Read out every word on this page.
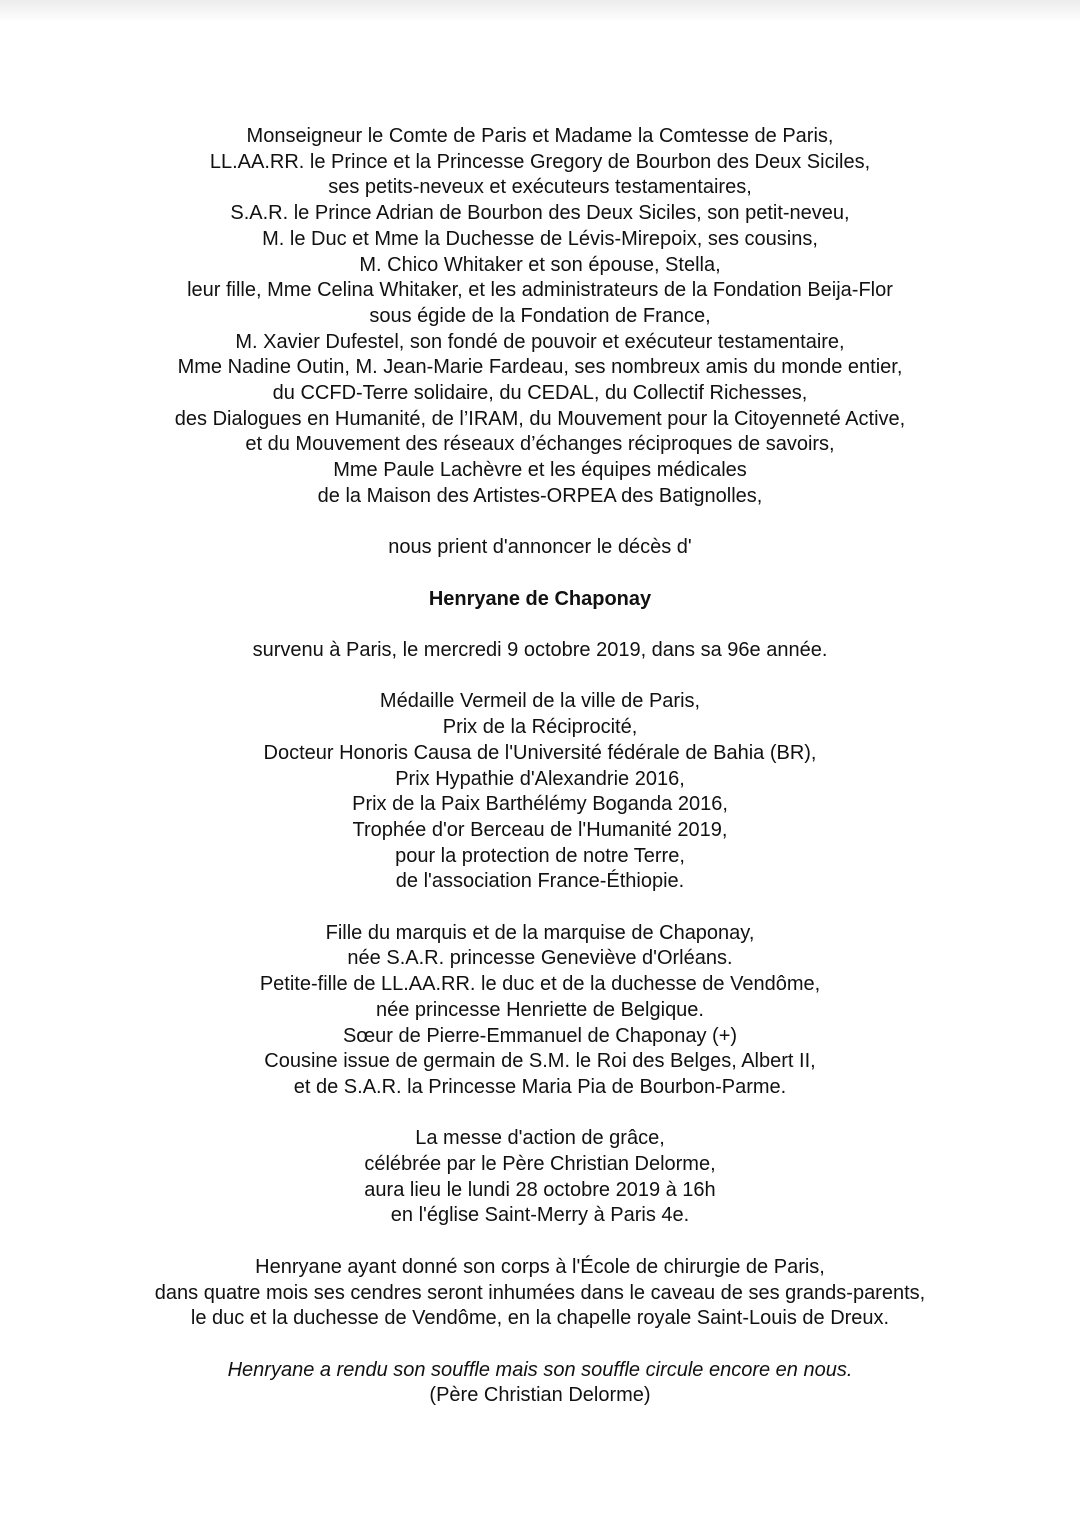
Monseigneur le Comte de Paris et Madame la Comtesse de Paris,
LL.AA.RR. le Prince et la Princesse Gregory de Bourbon des Deux Siciles,
ses petits-neveux et exécuteurs testamentaires,
S.A.R. le Prince Adrian de Bourbon des Deux Siciles, son petit-neveu,
M. le Duc et Mme la Duchesse de Lévis-Mirepoix, ses cousins,
M. Chico Whitaker et son épouse, Stella,
leur fille, Mme Celina Whitaker, et les administrateurs de la Fondation Beija-Flor
sous égide de la Fondation de France,
M. Xavier Dufestel, son fondé de pouvoir et exécuteur testamentaire,
Mme Nadine Outin, M. Jean-Marie Fardeau, ses nombreux amis du monde entier,
du CCFD-Terre solidaire, du CEDAL, du Collectif Richesses,
des Dialogues en Humanité, de l’IRAM, du Mouvement pour la Citoyenneté Active,
et du Mouvement des réseaux d’échanges réciproques de savoirs,
Mme Paule Lachèvre et les équipes médicales
de la Maison des Artistes-ORPEA des Batignolles,
nous prient d'annoncer le décès d'
Henryane de Chaponay
survenu à Paris, le mercredi 9 octobre 2019, dans sa 96e année.
Médaille Vermeil de la ville de Paris,
Prix de la Réciprocité,
Docteur Honoris Causa de l'Université fédérale de Bahia (BR),
Prix Hypathie d'Alexandrie 2016,
Prix de la Paix Barthélémy Boganda 2016,
Trophée d'or Berceau de l'Humanité 2019,
pour la protection de notre Terre,
de l'association France-Éthiopie.
Fille du marquis et de la marquise de Chaponay,
née S.A.R. princesse Geneviève d'Orléans.
Petite-fille de LL.AA.RR. le duc et de la duchesse de Vendôme,
née princesse Henriette de Belgique.
Sœur de Pierre-Emmanuel de Chaponay (+)
Cousine issue de germain de S.M. le Roi des Belges, Albert II,
et de S.A.R. la Princesse Maria Pia de Bourbon-Parme.
La messe d'action de grâce,
célébrée par le Père Christian Delorme,
aura lieu le lundi 28 octobre 2019 à 16h
en l'église Saint-Merry à Paris 4e.
Henryane ayant donné son corps à l'École de chirurgie de Paris,
dans quatre mois ses cendres seront inhumées dans le caveau de ses grands-parents,
le duc et la duchesse de Vendôme, en la chapelle royale Saint-Louis de Dreux.
Henryane a rendu son souffle mais son souffle circule encore en nous.
(Père Christian Delorme)
